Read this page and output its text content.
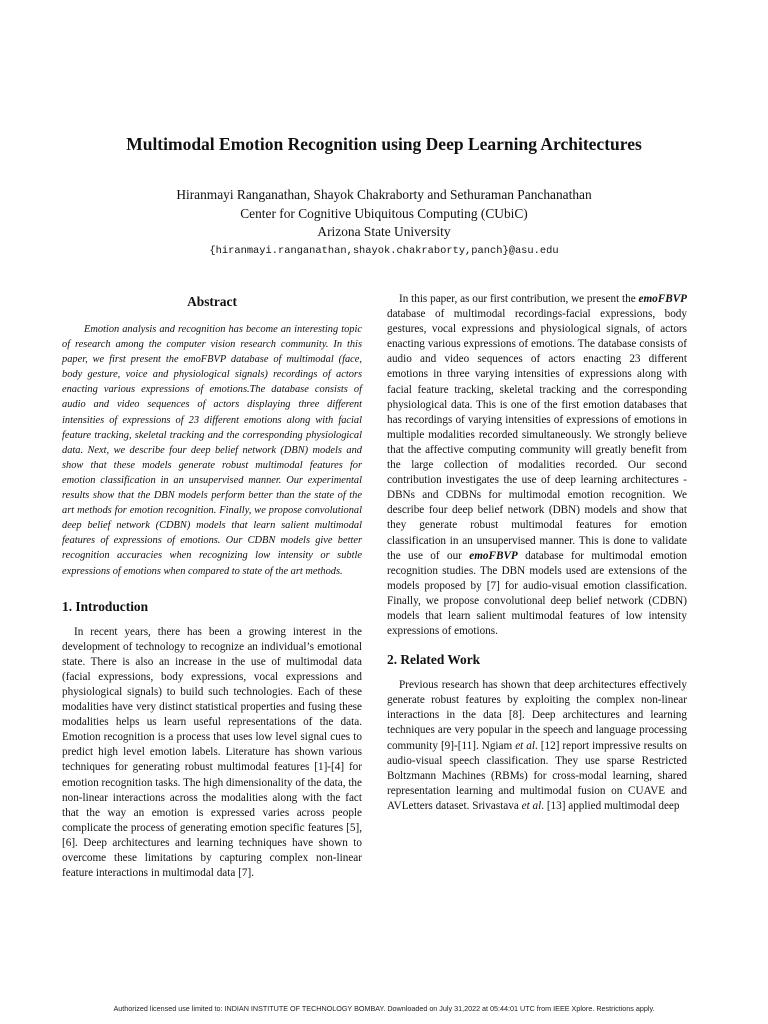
Multimodal Emotion Recognition using Deep Learning Architectures
Hiranmayi Ranganathan, Shayok Chakraborty and Sethuraman Panchanathan
Center for Cognitive Ubiquitous Computing (CUbiC)
Arizona State University
{hiranmayi.ranganathan,shayok.chakraborty,panch}@asu.edu
Abstract

Emotion analysis and recognition has become an interesting topic of research among the computer vision research community. In this paper, we first present the emoFBVP database of multimodal (face, body gesture, voice and physiological signals) recordings of actors enacting various expressions of emotions.The database consists of audio and video sequences of actors displaying three different intensities of expressions of 23 different emotions along with facial feature tracking, skeletal tracking and the corresponding physiological data. Next, we describe four deep belief network (DBN) models and show that these models generate robust multimodal features for emotion classification in an unsupervised manner. Our experimental results show that the DBN models perform better than the state of the art methods for emotion recognition. Finally, we propose convolutional deep belief network (CDBN) models that learn salient multimodal features of expressions of emotions. Our CDBN models give better recognition accuracies when recognizing low intensity or subtle expressions of emotions when compared to state of the art methods.

1. Introduction

In recent years, there has been a growing interest in the development of technology to recognize an individual’s emotional state. There is also an increase in the use of multimodal data (facial expressions, body expressions, vocal expressions and physiological signals) to build such technologies. Each of these modalities have very distinct statistical properties and fusing these modalities helps us learn useful representations of the data. Emotion recognition is a process that uses low level signal cues to predict high level emotion labels. Literature has shown various techniques for generating robust multimodal features [1]-[4] for emotion recognition tasks. The high dimensionality of the data, the non-linear interactions across the modalities along with the fact that the way an emotion is expressed varies across people complicate the process of generating emotion specific features [5],[6]. Deep architectures and learning techniques have shown to overcome these limitations by capturing complex non-linear feature interactions in multimodal data [7].

In this paper, as our first contribution, we present the emoFBVP database of multimodal recordings-facial expressions, body gestures, vocal expressions and physiological signals, of actors enacting various expressions of emotions. The database consists of audio and video sequences of actors enacting 23 different emotions in three varying intensities of expressions along with facial feature tracking, skeletal tracking and the corresponding physiological data. This is one of the first emotion databases that has recordings of varying intensities of expressions of emotions in multiple modalities recorded simultaneously. We strongly believe that the affective computing community will greatly benefit from the large collection of modalities recorded. Our second contribution investigates the use of deep learning architectures - DBNs and CDBNs for multimodal emotion recognition. We describe four deep belief network (DBN) models and show that they generate robust multimodal features for emotion classification in an unsupervised manner. This is done to validate the use of our emoFBVP database for multimodal emotion recognition studies. The DBN models used are extensions of the models proposed by [7] for audio-visual emotion classification. Finally, we propose convolutional deep belief network (CDBN) models that learn salient multimodal features of low intensity expressions of emotions.

2. Related Work

Previous research has shown that deep architectures effectively generate robust features by exploiting the complex non-linear interactions in the data [8]. Deep architectures and learning techniques are very popular in the speech and language processing community [9]-[11]. Ngiam et al. [12] report impressive results on audio-visual speech classification. They use sparse Restricted Boltzmann Machines (RBMs) for cross-modal learning, shared representation learning and multimodal fusion on CUAVE and AVLetters dataset. Srivastava et al. [13] applied multimodal deep

Authorized licensed use limited to: INDIAN INSTITUTE OF TECHNOLOGY BOMBAY. Downloaded on July 31,2022 at 05:44:01 UTC from IEEE Xplore. Restrictions apply.
